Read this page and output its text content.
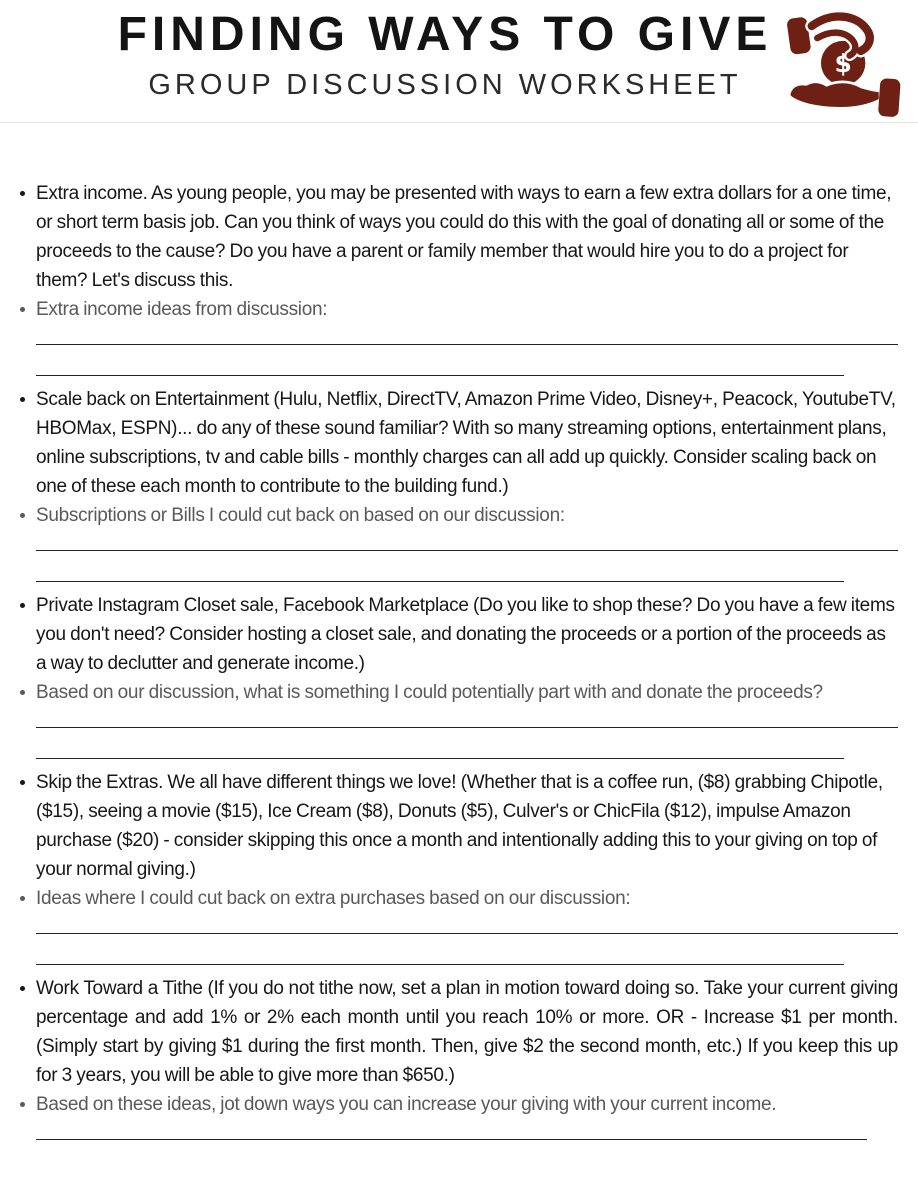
FINDING WAYS TO GIVE
GROUP DISCUSSION WORKSHEET
$
Extra income. As young people, you may be presented with ways to earn a few extra dollars for a one time, or short term basis job. Can you think of ways you could do this with the goal of donating all or some of the proceeds to the cause? Do you have a parent or family member that would hire you to do a project for them? Let's discuss this.
Extra income ideas from discussion:
Scale back on Entertainment (Hulu, Netflix, DirectTV, Amazon Prime Video, Disney+, Peacock, YoutubeTV, HBOMax, ESPN)... do any of these sound familiar? With so many streaming options, entertainment plans, online subscriptions, tv and cable bills - monthly charges can all add up quickly. Consider scaling back on one of these each month to contribute to the building fund.)
Subscriptions or Bills I could cut back on based on our discussion:
Private Instagram Closet sale, Facebook Marketplace (Do you like to shop these? Do you have a few items you don't need? Consider hosting a closet sale, and donating the proceeds or a portion of the proceeds as a way to declutter and generate income.)
Based on our discussion, what is something I could potentially part with and donate the proceeds?
Skip the Extras. We all have different things we love! (Whether that is a coffee run, ($8) grabbing Chipotle, ($15), seeing a movie ($15), Ice Cream ($8), Donuts ($5), Culver's or ChicFila ($12), impulse Amazon purchase ($20) - consider skipping this once a month and intentionally adding this to your giving on top of your normal giving.)
Ideas where I could cut back on extra purchases based on our discussion:
Work Toward a Tithe (If you do not tithe now, set a plan in motion toward doing so. Take your current giving percentage and add 1% or 2% each month until you reach 10% or more. OR - Increase $1 per month. (Simply start by giving $1 during the first month. Then, give $2 the second month, etc.) If you keep this up for 3 years, you will be able to give more than $650.)
Based on these ideas, jot down ways you can increase your giving with your current income.
